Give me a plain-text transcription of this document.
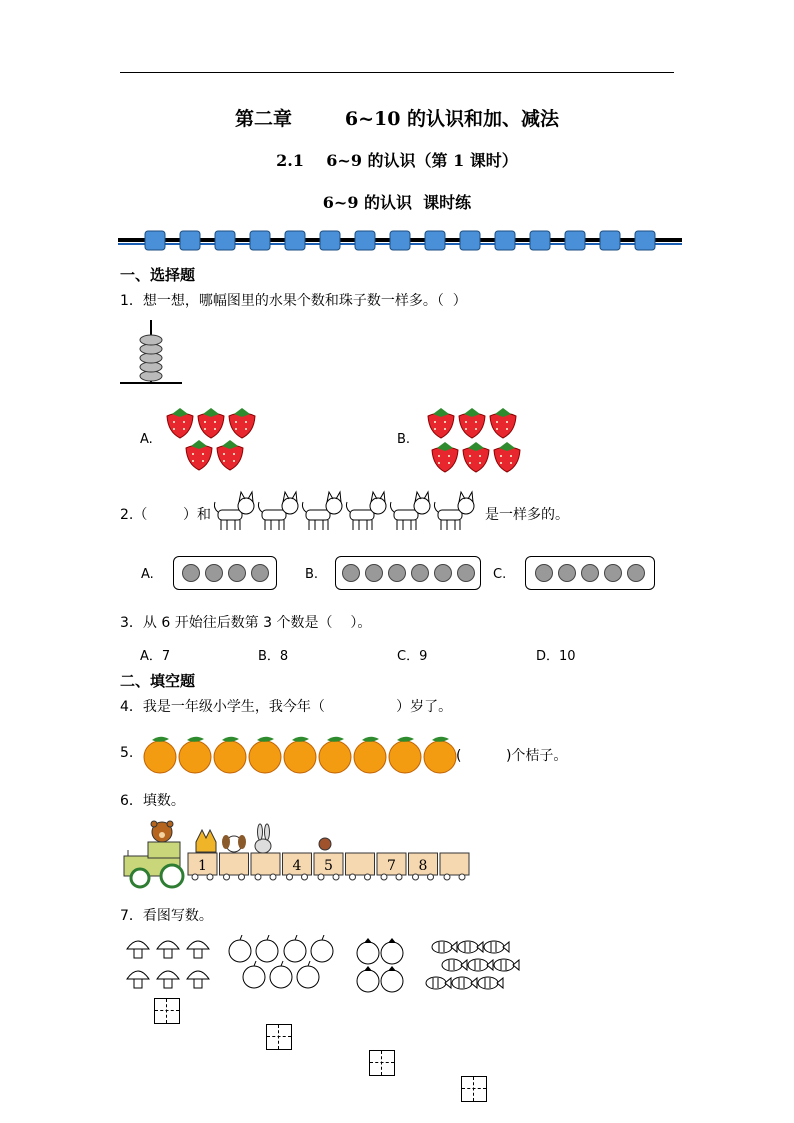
第二章        6~10 的认识和加、减法
2.1    6~9 的认识（第 1 课时）
6~9 的认识  课时练
一、选择题
1．想一想，哪幅图里的水果个数和珠子数一样多。（  ）
A.	B.
2.（        ）和	是一样多的。
A.	B.	C.
3．从 6 开始往后数第 3 个数是（    ）。
A．7	B．8	C．9	D．10
二、填空题
4．我是一年级小学生，我今年（                ）岁了。
5.	(          )个桔子。
6．填数。
1	4 5	7 8
7．看图写数。
